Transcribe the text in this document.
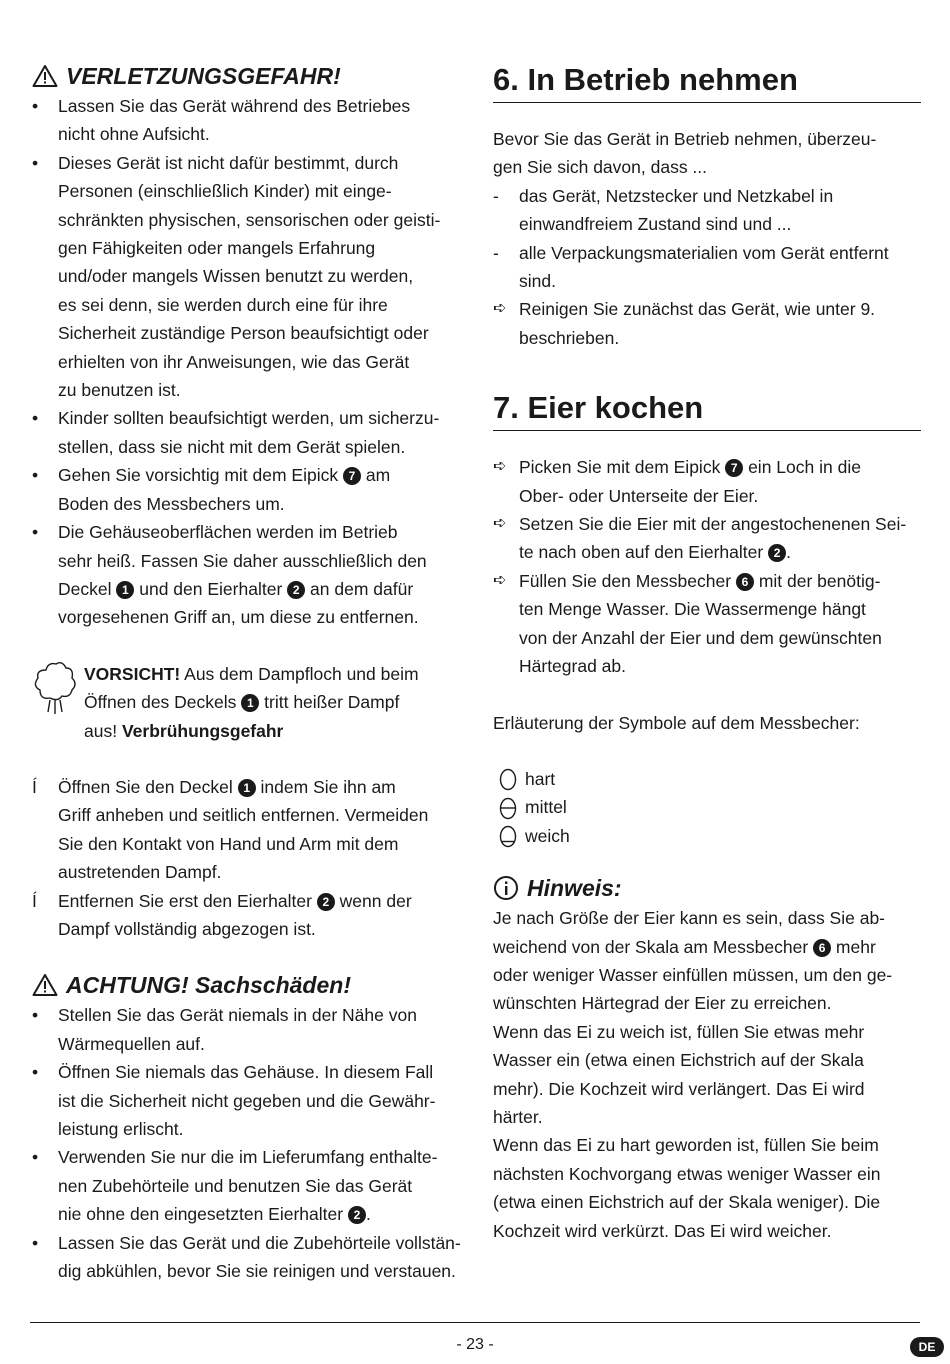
VERLETZUNGSGEFAHR!
•	Lassen Sie das Gerät während des Betriebes
nicht ohne Aufsicht.
•	Dieses Gerät ist nicht dafür bestimmt, durch
Personen (einschließlich Kinder) mit einge-
schränkten physischen, sensorischen oder geisti-
gen Fähigkeiten oder mangels Erfahrung
und/oder mangels Wissen benutzt zu werden,
es sei denn, sie werden durch eine für ihre
Sicherheit zuständige Person beaufsichtigt oder
erhielten von ihr Anweisungen, wie das Gerät
zu benutzen ist.
•	Kinder sollten beaufsichtigt werden, um sicherzu-
stellen, dass sie nicht mit dem Gerät spielen.
•	Gehen Sie vorsichtig mit dem Eipick 7 am
Boden des Messbechers um.
•	Die Gehäuseoberflächen werden im Betrieb
sehr heiß. Fassen Sie daher ausschließlich den
Deckel 1 und den Eierhalter 2 an dem dafür
vorgesehenen Griff an, um diese zu entfernen.
VORSICHT! Aus dem Dampfloch und beim
Öffnen des Deckels 1 tritt heißer Dampf
aus! Verbrühungsgefahr
Í	Öffnen Sie den Deckel 1 indem Sie ihn am
Griff anheben und seitlich entfernen. Vermeiden
Sie den Kontakt von Hand und Arm mit dem
austretenden Dampf.
Í	Entfernen Sie erst den Eierhalter 2 wenn der
Dampf vollständig abgezogen ist.
ACHTUNG! Sachschäden!
•	Stellen Sie das Gerät niemals in der Nähe von
Wärmequellen auf.
•	Öffnen Sie niemals das Gehäuse. In diesem Fall
ist die Sicherheit nicht gegeben und die Gewähr-
leistung erlischt.
•	Verwenden Sie nur die im Lieferumfang enthalte-
nen Zubehörteile und benutzen Sie das Gerät
nie ohne den eingesetzten Eierhalter 2 .
•	Lassen Sie das Gerät und die Zubehörteile vollstän-
dig abkühlen, bevor Sie sie reinigen und verstauen.
6. In Betrieb nehmen
Bevor Sie das Gerät in Betrieb nehmen, überzeu-
gen Sie sich davon, dass ...
-	das Gerät, Netzstecker und Netzkabel in
einwandfreiem Zustand sind und ...
-	alle Verpackungsmaterialien vom Gerät entfernt
sind.
➪ Reinigen Sie zunächst das Gerät, wie unter 9.
beschrieben.
7. Eier kochen
➪ Picken Sie mit dem Eipick 7 ein Loch in die
Ober- oder Unterseite der Eier.
➪ Setzen Sie die Eier mit der angestochenenen Sei-
te nach oben auf den Eierhalter 2 .
➪ Füllen Sie den Messbecher 6 mit der benötig-
ten Menge Wasser. Die Wassermenge hängt
von der Anzahl der Eier und dem gewünschten
Härtegrad ab.
Erläuterung der Symbole auf dem Messbecher:
hart
mittel
weich
Hinweis:
Je nach Größe der Eier kann es sein, dass Sie ab-
weichend von der Skala am Messbecher 6 mehr
oder weniger Wasser einfüllen müssen, um den ge-
wünschten Härtegrad der Eier zu erreichen.
Wenn das Ei zu weich ist, füllen Sie etwas mehr
Wasser ein (etwa einen Eichstrich auf der Skala
mehr). Die Kochzeit wird verlängert. Das Ei wird
härter.
Wenn das Ei zu hart geworden ist, füllen Sie beim
nächsten Kochvorgang etwas weniger Wasser ein
(etwa einen Eichstrich auf der Skala weniger). Die
Kochzeit wird verkürzt. Das Ei wird weicher.
- 23 -	DE
